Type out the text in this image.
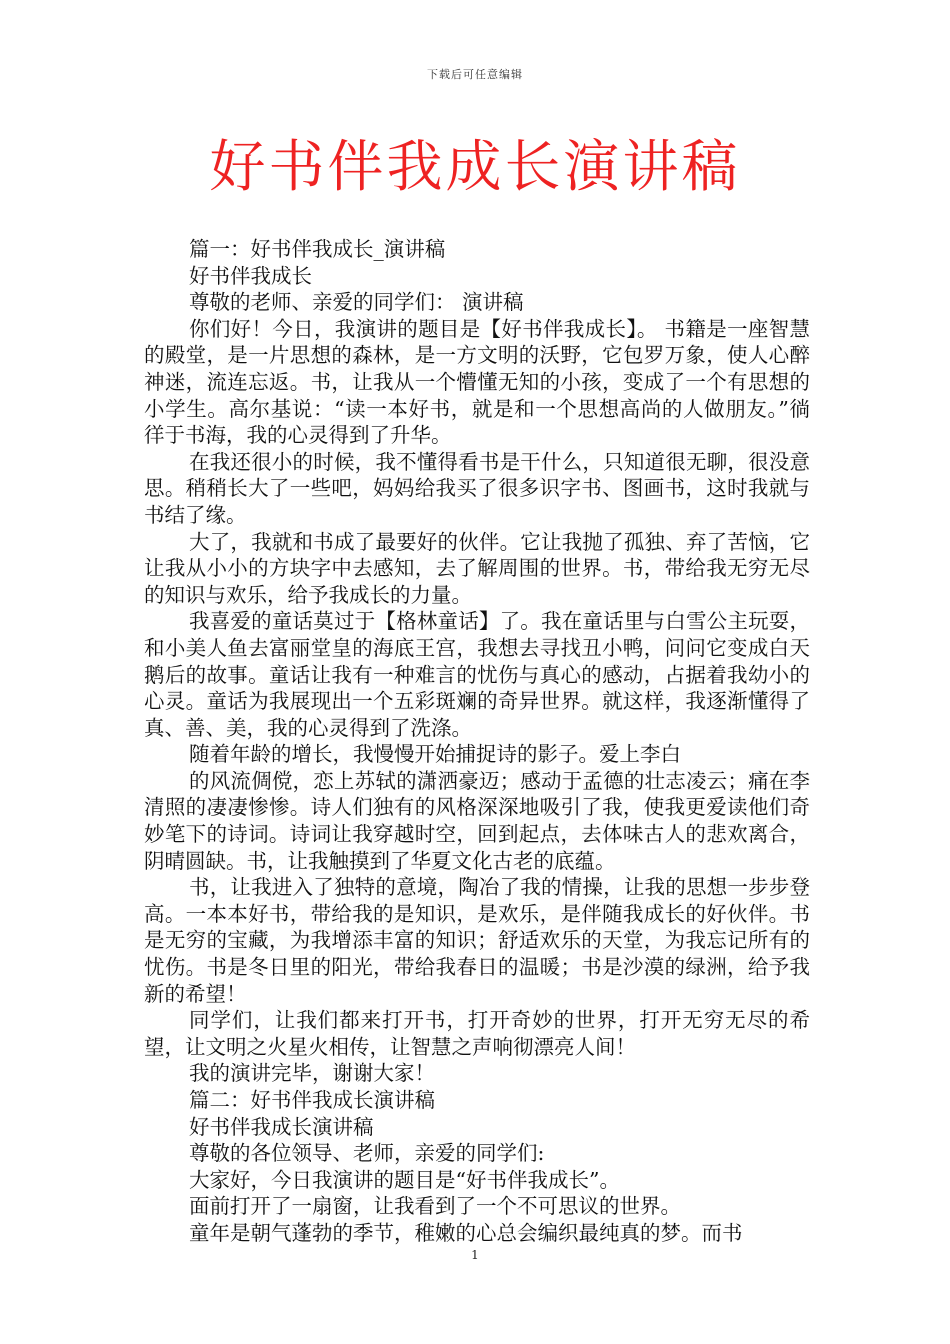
下载后可任意编辑
好书伴我成长演讲稿

篇一：好书伴我成长_演讲稿

好书伴我成长

尊敬的老师、亲爱的同学们： 演讲稿

你们好！今日，我演讲的题目是【好书伴我成长】。 书籍是一座智慧的殿堂，是一片思想的森林，是一方文明的沃野，它包罗万象，使人心醉神迷，流连忘返。书，让我从一个懵懂无知的小孩，变成了一个有思想的小学生。高尔基说：“读一本好书，就是和一个思想高尚的人做朋友。”徜徉于书海，我的心灵得到了升华。

在我还很小的时候，我不懂得看书是干什么，只知道很无聊，很没意思。稍稍长大了一些吧，妈妈给我买了很多识字书、图画书，这时我就与书结了缘。

大了，我就和书成了最要好的伙伴。它让我抛了孤独、弃了苦恼，它让我从小小的方块字中去感知，去了解周围的世界。书，带给我无穷无尽的知识与欢乐，给予我成长的力量。

我喜爱的童话莫过于【格林童话】了。我在童话里与白雪公主玩耍，和小美人鱼去富丽堂皇的海底王宫，我想去寻找丑小鸭，问问它变成白天鹅后的故事。童话让我有一种难言的忧伤与真心的感动，占据着我幼小的心灵。童话为我展现出一个五彩斑斓的奇异世界。就这样，我逐渐懂得了真、善、美，我的心灵得到了洗涤。

随着年龄的增长，我慢慢开始捕捉诗的影子。爱上李白

的风流倜傥，恋上苏轼的潇洒豪迈；感动于孟德的壮志凌云；痛在李清照的凄凄惨惨。诗人们独有的风格深深地吸引了我，使我更爱读他们奇妙笔下的诗词。诗词让我穿越时空，回到起点，去体味古人的悲欢离合，阴晴圆缺。书，让我触摸到了华夏文化古老的底蕴。

书，让我进入了独特的意境，陶冶了我的情操，让我的思想一步步登高。一本本好书，带给我的是知识，是欢乐，是伴随我成长的好伙伴。书是无穷的宝藏，为我增添丰富的知识；舒适欢乐的天堂，为我忘记所有的忧伤。书是冬日里的阳光，带给我春日的温暖；书是沙漠的绿洲，给予我新的希望！

同学们，让我们都来打开书，打开奇妙的世界，打开无穷无尽的希望，让文明之火星火相传，让智慧之声响彻漂亮人间！

我的演讲完毕，谢谢大家！

篇二：好书伴我成长演讲稿

好书伴我成长演讲稿

尊敬的各位领导、老师，亲爱的同学们:

大家好，今日我演讲的题目是“好书伴我成长”。

面前打开了一扇窗，让我看到了一个不可思议的世界。

童年是朝气蓬勃的季节，稚嫩的心总会编织最纯真的梦。而书

1
